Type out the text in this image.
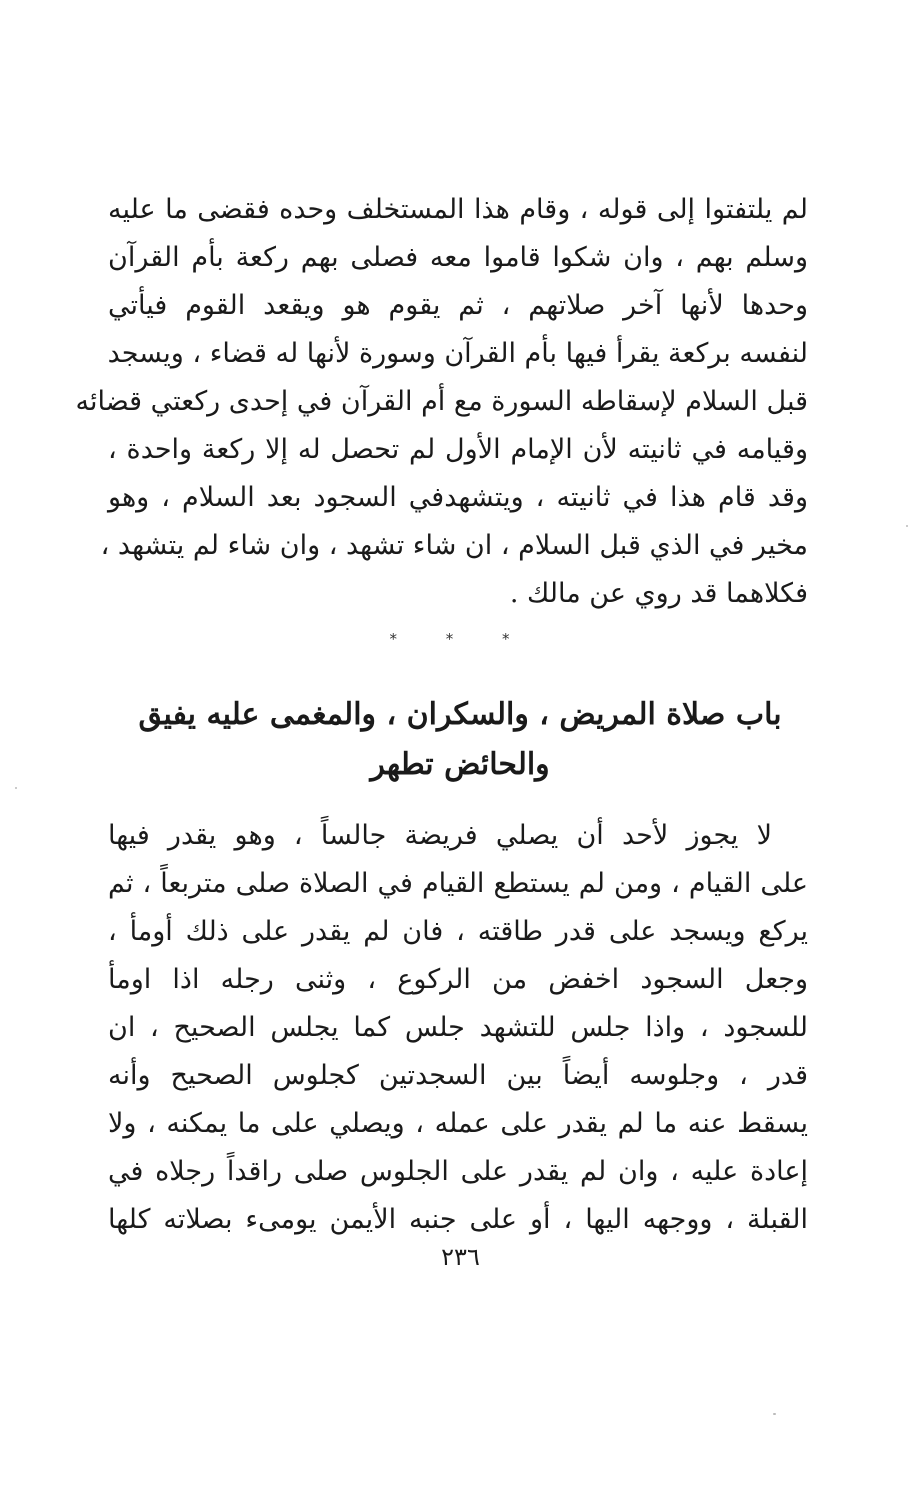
لم يلتفتوا إلى قوله ، وقام هذا المستخلف وحده فقضى ما عليه
وسلم بهم ، وان شكوا قاموا معه فصلى بهم ركعة بأم القرآن
وحدها لأنها آخر صلاتهم ، ثم يقوم هو ويقعد القوم فيأتي
لنفسه بركعة يقرأ فيها بأم القرآن وسورة لأنها له قضاء ، ويسجد
قبل السلام لإسقاطه السورة مع أم القرآن في إحدى ركعتي قضائه
وقيامه في ثانيته لأن الإمام الأول لم تحصل له إلا ركعة واحدة ،
وقد قام هذا في ثانيته ، ويتشهدفي السجود بعد السلام ، وهو
مخير في الذي قبل السلام ، ان شاء تشهد ، وان شاء لم يتشهد ،
فكلاهما قد روي عن مالك .
* * *
باب صلاة المريض ، والسكران ، والمغمى عليه يفيق
والحائض تطهر
لا يجوز لأحد أن يصلي فريضة جالساً ، وهو يقدر فيها
على القيام ، ومن لم يستطع القيام في الصلاة صلى متربعاً ، ثم
يركع ويسجد على قدر طاقته ، فان لم يقدر على ذلك أومأ ،
وجعل السجود اخفض من الركوع ، وثنى رجله اذا اومأ
للسجود ، واذا جلس للتشهد جلس كما يجلس الصحيح ، ان
قدر ، وجلوسه أيضاً بين السجدتين كجلوس الصحيح وأنه
يسقط عنه ما لم يقدر على عمله ، ويصلي على ما يمكنه ، ولا
إعادة عليه ، وان لم يقدر على الجلوس صلى راقداً رجلاه في
القبلة ، ووجهه اليها ، أو على جنبه الأيمن يومىء بصلاته كلها
٢٣٦
